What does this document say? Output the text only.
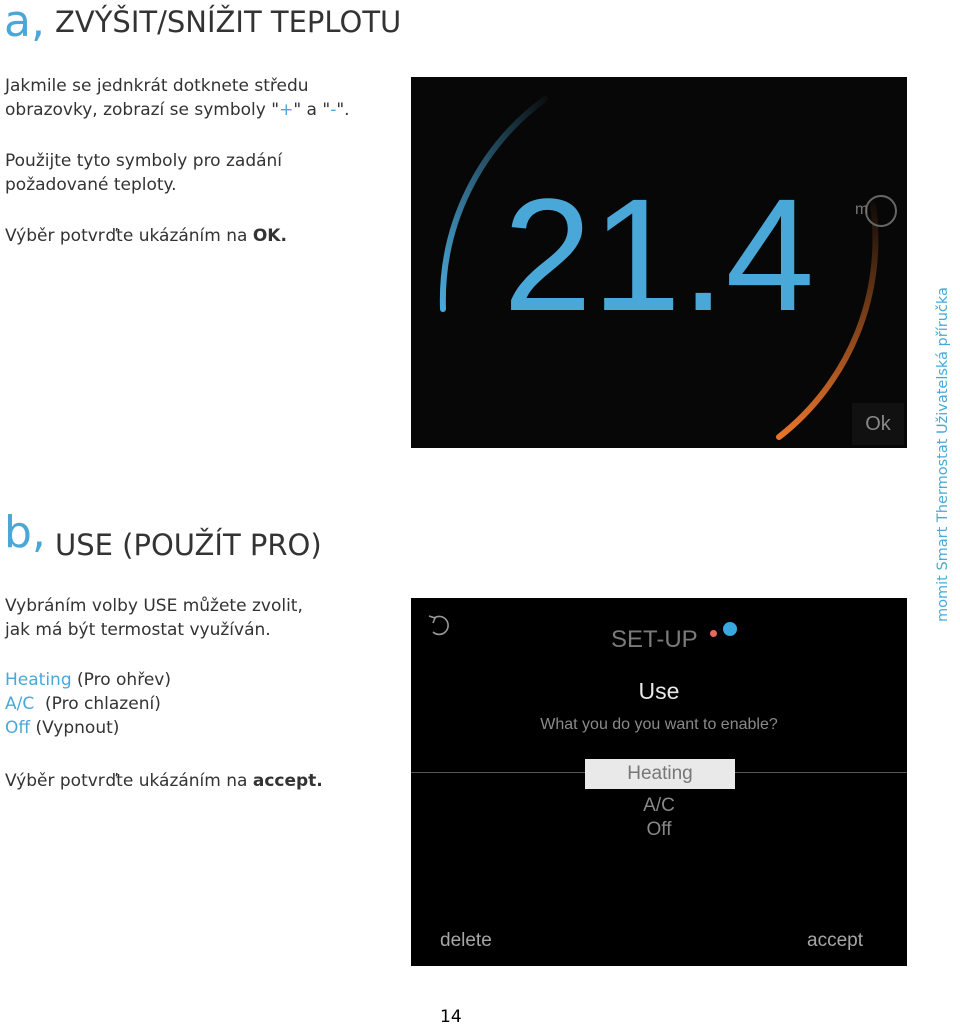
a, ZVÝŠIT/SNÍŽIT TEPLOTU
Jakmile se jednkrát dotknete středu
obrazovky, zobrazí se symboly "+" a "-".
Použijte tyto symboly pro zadání
požadované teploty.
Výběr potvrďte ukázáním na OK.
b, USE (POUŽÍT PRO)
Vybráním volby USE můžete zvolit,
jak má být termostat využíván.
Heating (Pro ohřev)
A/C  (Pro chlazení)
Off (Vypnout)
Výběr potvrďte ukázáním na accept.
momit Smart Thermostat Uživatelská příručka
21.4	m
Ok
SET-UP
Use
What you do you want to enable?
Heating
A/C
Off
delete	accept
14
